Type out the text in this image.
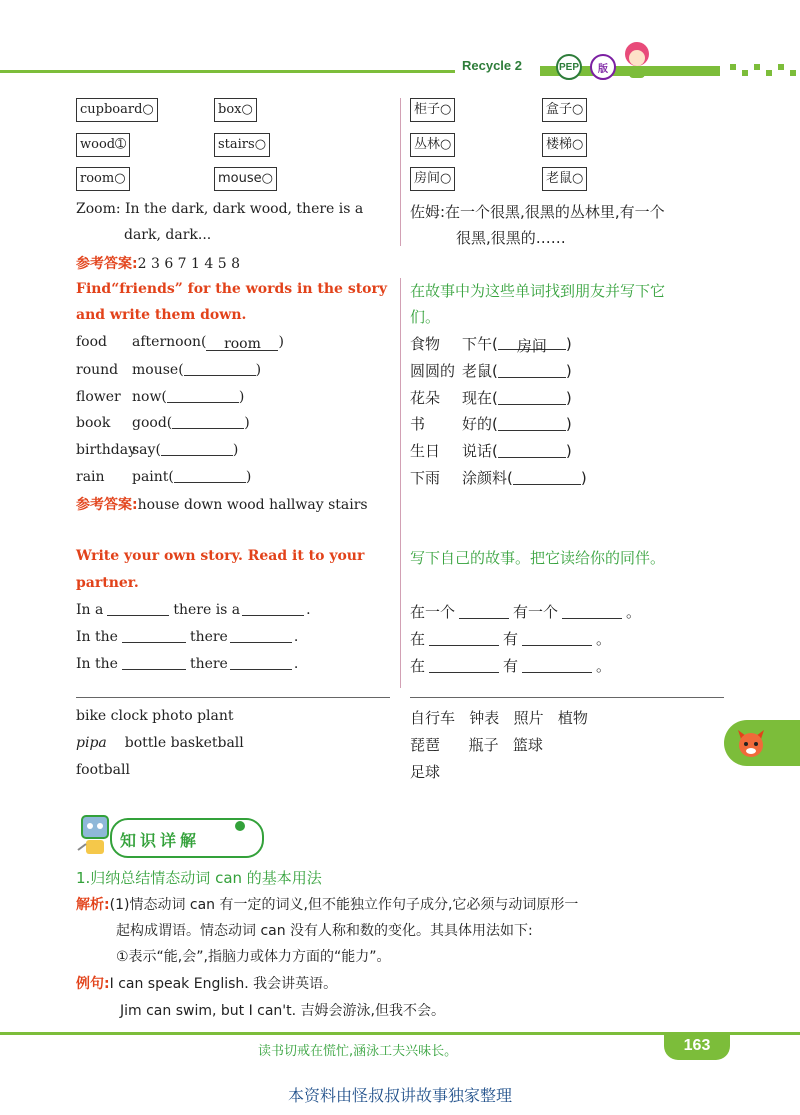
Recycle 2	PEP	版
cupboard○	box○
wood➀	stairs○
room○	mouse○
柜子○	盒子○
丛林○	楼梯○
房间○	老鼠○
Zoom: In the dark, dark wood, there is a
dark, dark...
佐姆:在一个很黑,很黑的丛林里,有一个
很黑,很黑的……
参考答案:2 3 6 7 1 4 5 8
Find“friends” for the words in the story
and write them down.
在故事中为这些单词找到朋友并写下它
们。
food afternoon( room )
round mouse(	)
flower now(	)
book good(	)
birthdaysay(	)
rain paint(	)
食物 下午( 房间 )
圆圆的 老鼠(	)
花朵 现在(	)
书 好的(	)
生日 说话(	)
下雨 涂颜料(	)
参考答案:house down wood hallway stairs
Write your own story. Read it to your
partner.
写下自己的故事。把它读给你的同伴。
In a	there is a	.
In the	there	.
In the	there	.
在一个	有一个	。
在	有	。
在	有	。
bike clock photo plant
pipa bottle basketball
football
自行车   钟表   照片   植物
琵琶      瓶子   篮球
足球
知识详解
1.归纳总结情态动词 can 的基本用法
解析:(1)情态动词 can 有一定的词义,但不能独立作句子成分,它必须与动词原形一
起构成谓语。情态动词 can 没有人称和数的变化。其具体用法如下:
①表示“能,会”,指脑力或体力方面的“能力”。
例句:I can speak English. 我会讲英语。
Jim can swim, but I can't. 吉姆会游泳,但我不会。
读书切戒在慌忙,涵泳工夫兴味长。	163
本资料由怪叔叔讲故事独家整理
